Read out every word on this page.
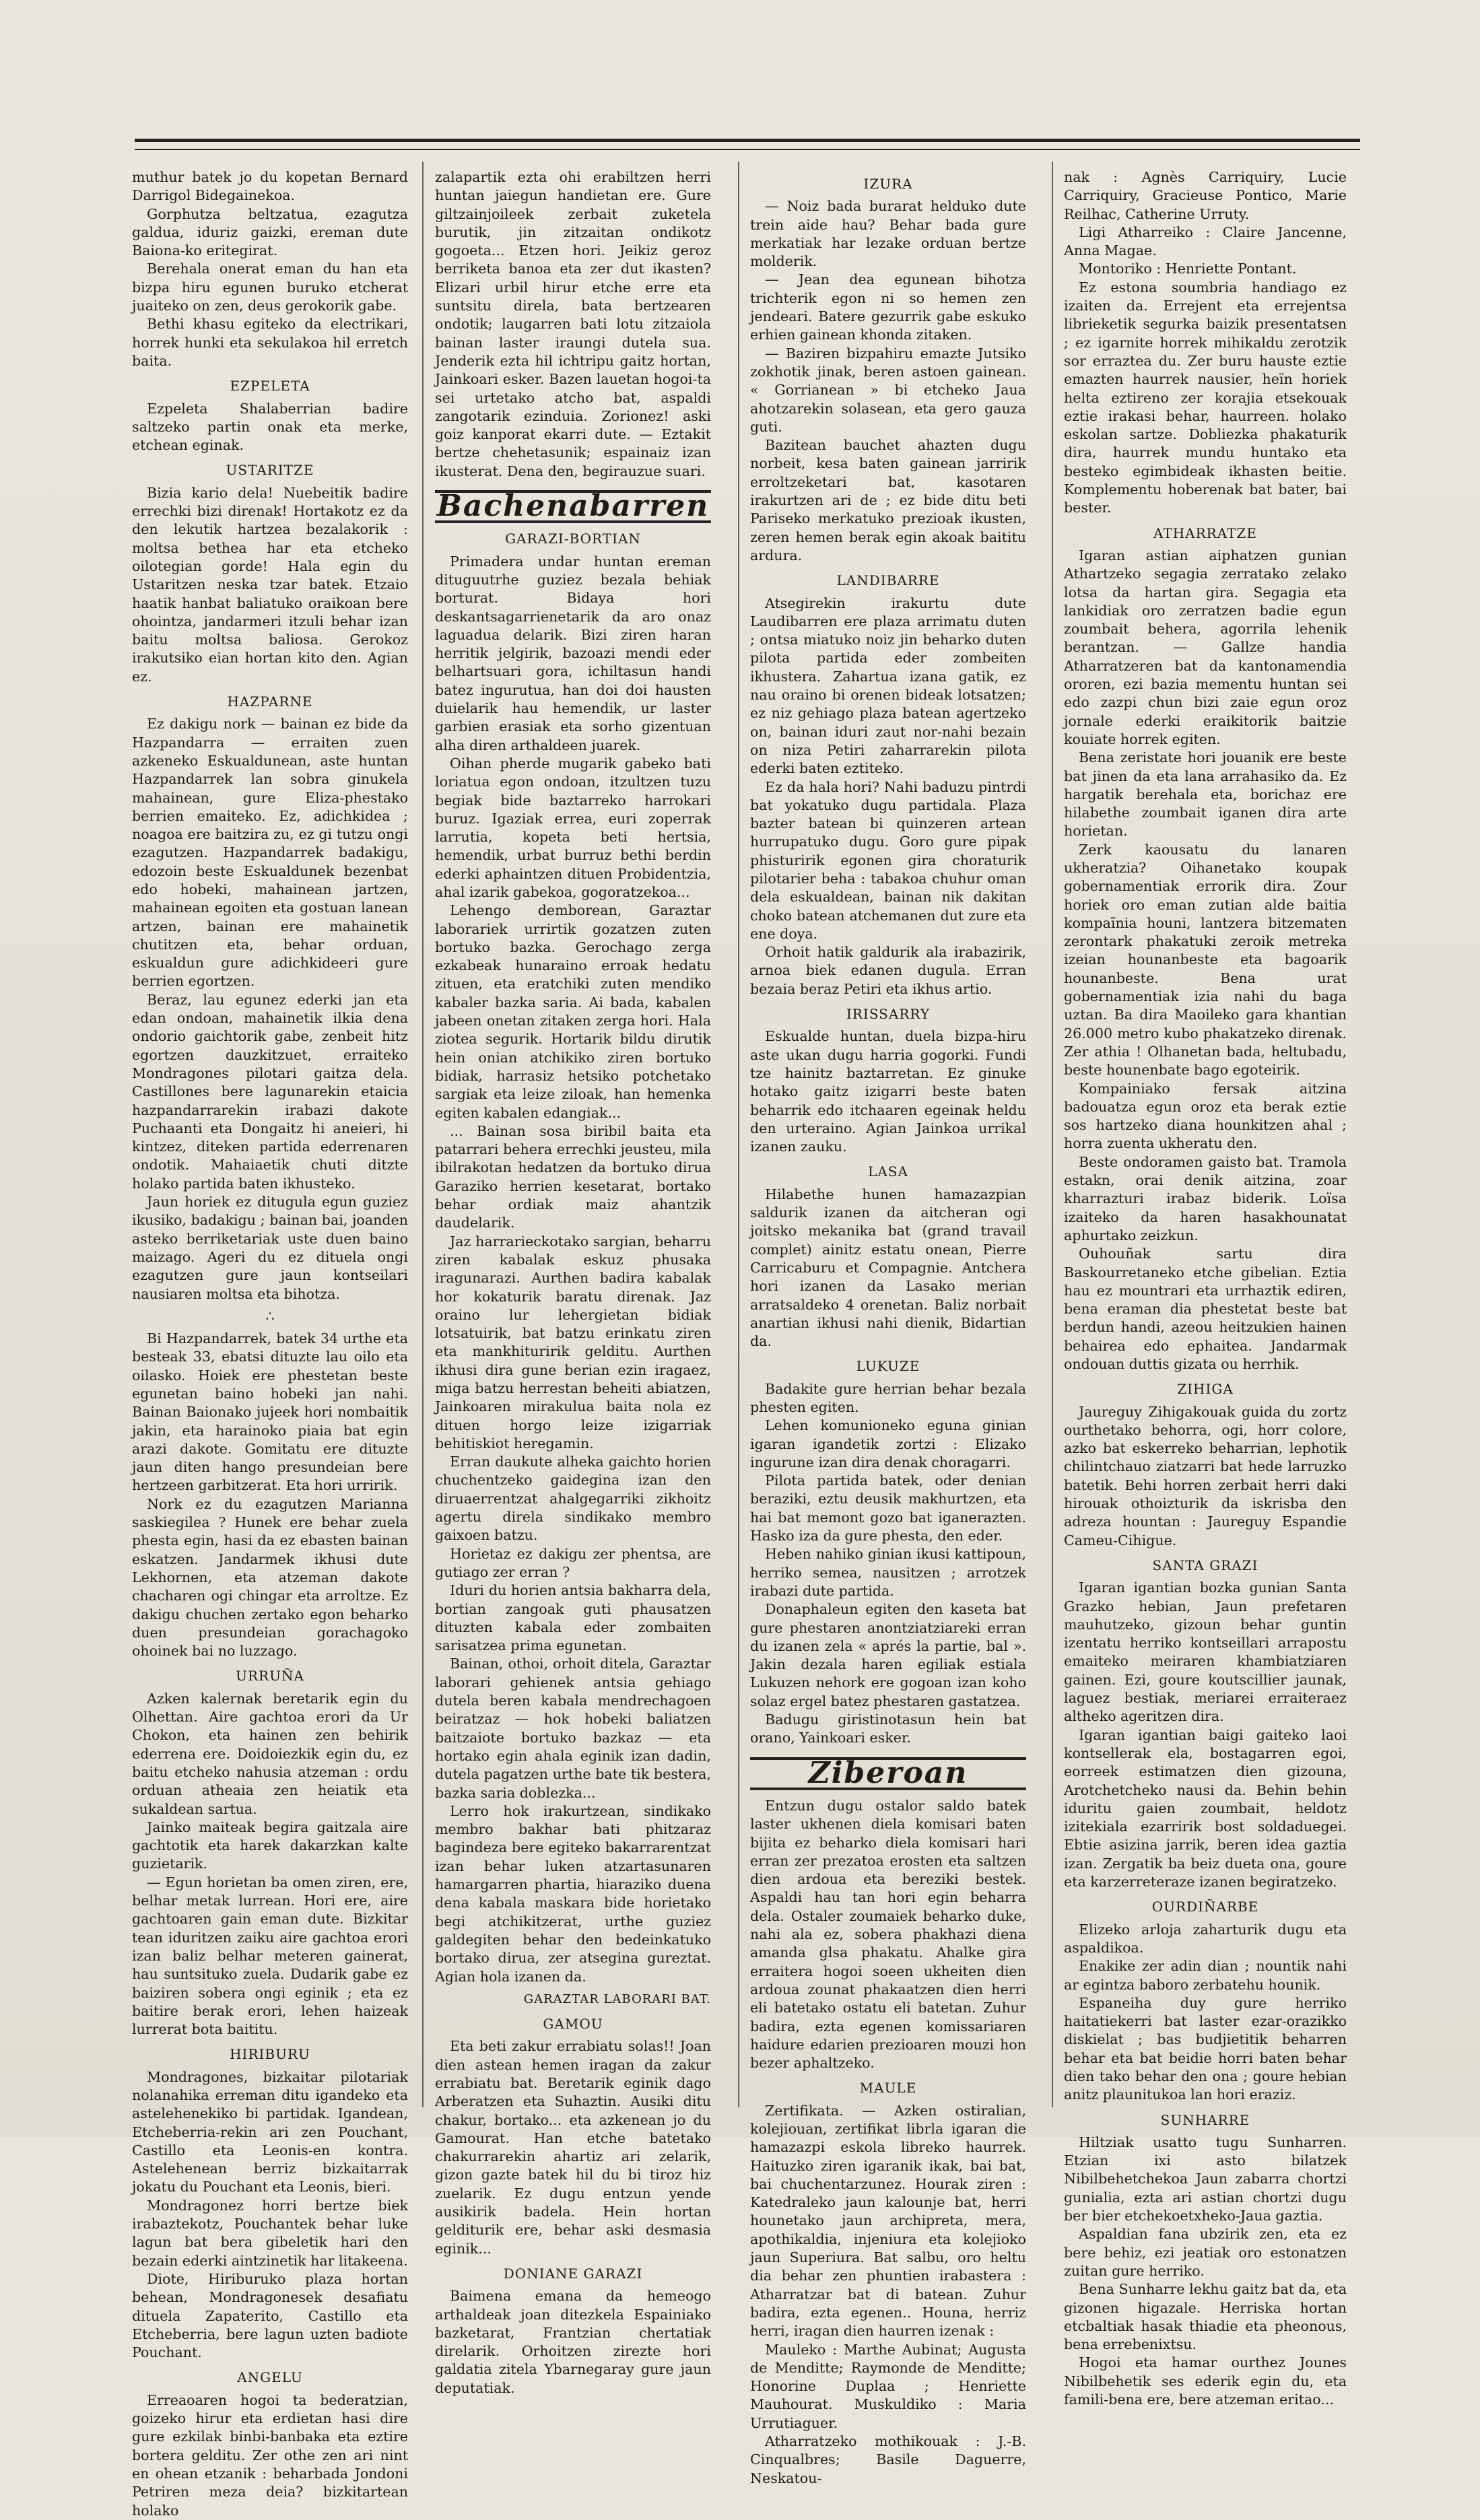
muthur batek jo du kopetan Bernard Darrigol Bidegainekoa.

Gorphutza beltzatua, ezagutza galdua, iduriz gaizki, ereman dute Baiona-ko eritegirat.

Berehala onerat eman du han eta bizpa hiru egunen buruko etcherat juaiteko on zen, deus gerokorik gabe.

Bethi khasu egiteko da electrikari, horrek hunki eta sekulakoa hil erretch baita.

EZPELETA

Ezpeleta Shalaberrian badire saltzeko partin onak eta merke, etchean eginak.

USTARITZE

Bizia kario dela! Nuebeitik badire errechki bizi direnak! Hortakotz ez da den lekutik hartzea bezalakorik : moltsa bethea har eta etcheko oilotegian gorde! Hala egin du Ustaritzen neska tzar batek. Etzaio haatik hanbat baliatuko oraikoan bere ohointza, jandarmeri itzuli behar izan baitu moltsa baliosa. Gerokoz irakutsiko eian hortan kito den. Agian ez.

HAZPARNE

Ez dakigu nork — bainan ez bide da Hazpandarra — erraiten zuen azkeneko Eskualdunean, aste huntan Hazpandarrek lan sobra ginukela mahainean, gure Eliza-phestako berrien emaiteko. Ez, adichkidea ; noagoa ere baitzira zu, ez gi tutzu ongi ezagutzen. Hazpandarrek badakigu, edozoin beste Eskualdunek bezenbat edo hobeki, mahainean jartzen, mahainean egoiten eta gostuan lanean artzen, bainan ere mahainetik chutitzen eta, behar orduan, eskualdun gure adichkideeri gure berrien egortzen.

Beraz, lau egunez ederki jan eta edan ondoan, mahainetik ilkia dena ondorio gaichtorik gabe, zenbeit hitz egortzen dauzkitzuet, erraiteko Mondragones pilotari gaitza dela. Castillones bere lagunarekin etaicia hazpandarrarekin irabazi dakote Puchaanti eta Dongaitz hi aneieri, hi kintzez, diteken partida ederrenaren ondotik. Mahaiaetik chuti ditzte holako partida baten ikhusteko.

Jaun horiek ez ditugula egun guziez ikusiko, badakigu ; bainan bai, joanden asteko berriketariak uste duen baino maizago. Ageri du ez dituela ongi ezagutzen gure jaun kontseilari nausiaren moltsa eta bihotza.

∴

Bi Hazpandarrek, batek 34 urthe eta besteak 33, ebatsi dituzte lau oilo eta oilasko. Hoiek ere phestetan beste egunetan baino hobeki jan nahi. Bainan Baionako jujeek hori nombaitik jakin, eta harainoko piaia bat egin arazi dakote. Gomitatu ere dituzte jaun diten hango presundeian bere hertzeen garbitzerat. Eta hori urririk.

Nork ez du ezagutzen Marianna saskiegilea ? Hunek ere behar zuela phesta egin, hasi da ez ebasten bainan eskatzen. Jandarmek ikhusi dute Lekhornen, eta atzeman dakote chacharen ogi chingar eta arroltze. Ez dakigu chuchen zertako egon beharko duen presundeian gorachagoko ohoinek bai no luzzago.

URRUÑA

Azken kalernak beretarik egin du Olhettan. Aire gachtoa erori da Ur Chokon, eta hainen zen behirik ederrena ere. Doidoiezkik egin du, ez baitu etcheko nahusia atzeman : ordu orduan atheaia zen heiatik eta sukaldean sartua.

Jainko maiteak begira gaitzala aire gachtotik eta harek dakarzkan kalte guzietarik.

— Egun horietan ba omen ziren, ere, belhar metak lurrean. Hori ere, aire gachtoaren gain eman dute. Bizkitar tean iduritzen zaiku aire gachtoa erori izan baliz belhar meteren gainerat, hau suntsituko zuela. Dudarik gabe ez baiziren sobera ongi eginik ; eta ez baitire berak erori, lehen haizeak lurrerat bota baititu.

HIRIBURU

Mondragones, bizkaitar pilotariak nolanahika erreman ditu igandeko eta astelehenekiko bi partidak. Igandean, Etcheberria-rekin ari zen Pouchant, Castillo eta Leonis-en kontra. Astelehenean berriz bizkaitarrak jokatu du Pouchant eta Leonis, bieri.

Mondragonez horri bertze biek irabaztekotz, Pouchantek behar luke lagun bat bera gibeletik hari den bezain ederki aintzinetik har litakeena.

Diote, Hiriburuko plaza hortan behean, Mondragonesek desafiatu dituela Zapaterito, Castillo eta Etcheberria, bere lagun uzten badiote Pouchant.

ANGELU

Erreaoaren hogoi ta bederatzian, goizeko hirur eta erdietan hasi dire gure ezkilak binbi-banbaka eta eztire bortera gelditu. Zer othe zen ari nint en ohean etzanik : beharbada Jondoni Petriren meza deia? bizkitartean holako

zalapartik ezta ohi erabiltzen herri huntan jaiegun handietan ere. Gure giltzainjoileek zerbait zuketela burutik, jin zitzaitan ondikotz gogoeta... Etzen hori. Jeikiz geroz berriketa banoa eta zer dut ikasten? Elizari urbil hirur etche erre eta suntsitu direla, bata bertzearen ondotik; laugarren bati lotu zitzaiola bainan laster iraungi dutela sua. Jenderik ezta hil ichtripu gaitz hortan, Jainkoari esker. Bazen lauetan hogoi-ta sei urtetako atcho bat, aspaldi zangotarik ezinduia. Zorionez! aski goiz kanporat ekarri dute. — Eztakit bertze chehetasunik; espainaiz izan ikusterat. Dena den, begirauzue suari.

Bachenabarren
GARAZI-BORTIAN

Primadera undar huntan ereman dituguutrhe guziez bezala behiak borturat. Bidaya hori deskantsagarrienetarik da aro onaz laguadua delarik. Bizi ziren haran herritik jelgirik, bazoazi mendi eder belhartsuari gora, ichiltasun handi batez ingurutua, han doi doi hausten duielarik hau hemendik, ur laster garbien erasiak eta sorho gizentuan alha diren arthaldeen juarek.

Oihan pherde mugarik gabeko bati loriatua egon ondoan, itzultzen tuzu begiak bide baztarreko harrokari buruz. Igaziak errea, euri zoperrak larrutia, kopeta beti hertsia, hemendik, urbat burruz bethi berdin ederki aphaintzen dituen Probidentzia, ahal izarik gabekoa, gogoratzekoa...

Lehengo demborean, Garaztar laborariek urrirtik gozatzen zuten bortuko bazka. Gerochago zerga ezkabeak hunaraino erroak hedatu zituen, eta eratchiki zuten mendiko kabaler bazka saria. Ai bada, kabalen jabeen onetan zitaken zerga hori. Hala ziotea segurik. Hortarik bildu dirutik hein onian atchikiko ziren bortuko bidiak, harrasiz hetsiko potchetako sargiak eta leize ziloak, han hemenka egiten kabalen edangiak...

... Bainan sosa biribil baita eta patarrari behera errechki jeusteu, mila ibilrakotan hedatzen da bortuko dirua Garaziko herrien kesetarat, bortako behar ordiak maiz ahantzik daudelarik.

Jaz harrarieckotako sargian, beharru ziren kabalak eskuz phusaka iragunarazi. Aurthen badira kabalak hor kokaturik baratu direnak. Jaz oraino lur lehergietan bidiak lotsatuirik, bat batzu erinkatu ziren eta mankhituririk gelditu. Aurthen ikhusi dira gune berian ezin iragaez, miga batzu herrestan beheiti abiatzen, Jainkoaren mirakulua baita nola ez dituen horgo leize izigarriak behitiskiot heregamin.

Erran daukute alheka gaichto horien chuchentzeko gaidegina izan den diruaerrentzat ahalgegarriki zikhoitz agertu direla sindikako membro gaixoen batzu.

Horietaz ez dakigu zer phentsa, are gutiago zer erran ?

Iduri du horien antsia bakharra dela, bortian zangoak guti phausatzen dituzten kabala eder zombaiten sarisatzea prima egunetan.

Bainan, othoi, orhoit ditela, Garaztar laborari gehienek antsia gehiago dutela beren kabala mendrechagoen beiratzaz — hok hobeki baliatzen baitzaiote bortuko bazkaz — eta hortako egin ahala eginik izan dadin, dutela pagatzen urthe bate tik bestera, bazka saria doblezka...

Lerro hok irakurtzean, sindikako membro bakhar bati phitzaraz bagindeza bere egiteko bakarrarentzat izan behar luken atzartasunaren hamargarren phartia, hiaraziko duena dena kabala maskara bide horietako begi atchikitzerat, urthe guziez galdegiten behar den bedeinkatuko bortako dirua, zer atsegina gureztat. Agian hola izanen da.

GARAZTAR LABORARI BAT.
GAMOU

Eta beti zakur errabiatu solas!! Joan dien astean hemen iragan da zakur errabiatu bat. Beretarik eginik dago Arberatzen eta Suhaztin. Ausiki ditu chakur, bortako... eta azkenean jo du Gamourat. Han etche batetako chakurrarekin ahartiz ari zelarik, gizon gazte batek hil du bi tiroz hiz zuelarik. Ez dugu entzun yende ausikirik badela. Hein hortan gelditurik ere, behar aski desmasia eginik...

DONIANE GARAZI

Baimena emana da hemeogo arthaldeak joan ditezkela Espainiako bazketarat, Frantzian chertatiak direlarik. Orhoitzen zirezte hori galdatia zitela Ybarnegaray gure jaun deputatiak.

IZURA

— Noiz bada burarat helduko dute trein aide hau? Behar bada gure merkatiak har lezake orduan bertze molderik.

— Jean dea egunean bihotza trichterik egon ni so hemen zen jendeari. Batere gezurrik gabe eskuko erhien gainean khonda zitaken.

— Baziren bizpahiru emazte Jutsiko zokhotik jinak, beren astoen gainean. « Gorrianean » bi etcheko Jaua ahotzarekin solasean, eta gero gauza guti.

Bazitean bauchet ahazten dugu norbeit, kesa baten gainean jarririk erroltzeketari bat, kasotaren irakurtzen ari de ; ez bide ditu beti Pariseko merkatuko prezioak ikusten, zeren hemen berak egin akoak baititu ardura.

LANDIBARRE

Atsegirekin irakurtu dute Laudibarren ere plaza arrimatu duten ; ontsa miatuko noiz jin beharko duten pilota partida eder zombeiten ikhustera. Zahartua izana gatik, ez nau oraino bi orenen bideak lotsatzen; ez niz gehiago plaza batean agertzeko on, bainan iduri zaut nor-nahi bezain on niza Petiri zaharrarekin pilota ederki baten eztiteko.

Ez da hala hori? Nahi baduzu pintrdi bat yokatuko dugu partidala. Plaza bazter batean bi quinzeren artean hurrupatuko dugu. Goro gure pipak phisturirik egonen gira choraturik pilotarier beha : tabakoa chuhur oman dela eskualdean, bainan nik dakitan choko batean atchemanen dut zure eta ene doya.

Orhoit hatik galdurik ala irabazirik, arnoa biek edanen dugula. Erran bezaia beraz Petiri eta ikhus artio.

IRISSARRY

Eskualde huntan, duela bizpa-hiru aste ukan dugu harria gogorki. Fundi tze hainitz baztarretan. Ez ginuke hotako gaitz izigarri beste baten beharrik edo itchaaren egeinak heldu den urteraino. Agian Jainkoa urrikal izanen zauku.

LASA

Hilabethe hunen hamazazpian saldurik izanen da aitcheran ogi joitsko mekanika bat (grand travail complet) ainitz estatu onean, Pierre Carricaburu et Compagnie. Antchera hori izanen da Lasako merian arratsaldeko 4 orenetan. Baliz norbait anartian ikhusi nahi dienik, Bidartian da.

LUKUZE

Badakite gure herrian behar bezala phesten egiten.

Lehen komunioneko eguna ginian igaran igandetik zortzi : Elizako ingurune izan dira denak choragarri.

Pilota partida batek, oder denian beraziki, eztu deusik makhurtzen, eta hai bat memont gozo bat iganerazten. Hasko iza da gure phesta, den eder.

Heben nahiko ginian ikusi kattipoun, herriko semea, nausitzen ; arrotzek irabazi dute partida.

Donaphaleun egiten den kaseta bat gure phestaren anontziatziareki erran du izanen zela « aprés la partie, bal ». Jakin dezala haren egiliak estiala Lukuzen nehork ere gogoan izan koho solaz ergel batez phestaren gastatzea.

Badugu giristinotasun hein bat orano, Yainkoari esker.

Ziberoan

Entzun dugu ostalor saldo batek laster ukhenen diela komisari baten bijita ez beharko diela komisari hari erran zer prezatoa erosten eta saltzen dien ardoua eta bereziki bestek. Aspaldi hau tan hori egin beharra dela. Ostaler zoumaiek beharko duke, nahi ala ez, sobera phakhazi diena amanda glsa phakatu. Ahalke gira erraitera hogoi soeen ukheiten dien ardoua zounat phakaatzen dien herri eli batetako ostatu eli batetan. Zuhur badira, ezta egenen komissariaren haidure edarien prezioaren mouzi hon bezer aphaltzeko.

MAULE

Zertifikata. — Azken ostiralian, kolejiouan, zertifikat librla igaran die hamazazpi eskola libreko haurrek. Haituzko ziren igaranik ikak, bai bat, bai chuchentarzunez. Hourak ziren : Katedraleko jaun kalounje bat, herri hounetako jaun archipreta, mera, apothikaldia, injeniura eta kolejioko jaun Superiura. Bat salbu, oro heltu dia behar zen phuntien irabastera : Atharratzar bat di batean. Zuhur badira, ezta egenen.. Houna, herriz herri, iragan dien haurren izenak :

Mauleko : Marthe Aubinat; Augusta de Menditte; Raymonde de Menditte; Honorine Duplaa ; Henriette Mauhourat. Muskuldiko : Maria Urrutiaguer.

Atharratzeko mothikouak : J.-B. Cinqualbres; Basile Daguerre, Neskatou-

nak : Agnès Carriquiry, Lucie Carriquiry, Gracieuse Pontico, Marie Reilhac, Catherine Urruty.

Ligi Atharreiko : Claire Jancenne, Anna Magae.

Montoriko : Henriette Pontant.

Ez estona soumbria handiago ez izaiten da. Errejent eta errejentsa librieketik segurka baizik presentatsen ; ez igarnite horrek mihikaldu zerotzik sor erraztea du. Zer buru hauste eztie emazten haurrek nausier, heïn horiek helta eztireno zer korajia etsekouak eztie irakasi behar, haurreen. holako eskolan sartze. Dobliezka phakaturik dira, haurrek mundu huntako eta besteko egimbideak ikhasten beitie. Komplementu hoberenak bat bater, bai bester.

ATHARRATZE

Igaran astian aiphatzen gunian Athartzeko segagia zerratako zelako lotsa da hartan gira. Segagia eta lankidiak oro zerratzen badie egun zoumbait behera, agorrila lehenik berantzan. — Gallze handia Atharratzeren bat da kantonamendia ororen, ezi bazia mementu huntan sei edo zazpi chun bizi zaie egun oroz jornale ederki eraikitorik baitzie kouiate horrek egiten.

Bena zeristate hori jouanik ere beste bat jinen da eta lana arrahasiko da. Ez hargatik berehala eta, borichaz ere hilabethe zoumbait iganen dira arte horietan.

Zerk kaousatu du lanaren ukheratzia? Oihanetako koupak gobernamentiak errorik dira. Zour horiek oro eman zutian alde baitia kompaĩnia houni, lantzera bitzematen zerontark phakatuki zeroik metreka izeian hounanbeste eta bagoarik hounanbeste. Bena urat gobernamentiak izia nahi du baga uztan. Ba dira Maoileko gara khantian 26.000 metro kubo phakatzeko direnak. Zer athia ! Olhanetan bada, heltubadu, beste hounenbate bago egoteirik.

Kompainiako fersak aitzina badouatza egun oroz eta berak eztie sos hartzeko diana hounkitzen ahal ; horra zuenta ukheratu den.

Beste ondoramen gaisto bat. Tramola estakn, orai denik aitzina, zoar kharrazturi irabaz biderik. Loïsa izaiteko da haren hasakhounatat aphurtako zeizkun.

Ouhouñak sartu dira Baskourretaneko etche gibelian. Eztia hau ez mountrari eta urrhaztik ediren, bena eraman dia phestetat beste bat berdun handi, azeou heitzukien hainen behairea edo ephaitea. Jandarmak ondouan duttis gizata ou herrhik.

ZIHIGA

Jaureguy Zihigakouak guida du zortz ourthetako behorra, ogi, horr colore, azko bat eskerreko beharrian, lephotik chilintchauo ziatzarri bat hede larruzko batetik. Behi horren zerbait herri daki hirouak othoizturik da iskrisba den adreza hountan : Jaureguy Espandie Cameu-Cihigue.

SANTA GRAZI

Igaran igantian bozka gunian Santa Grazko hebian, Jaun prefetaren mauhutzeko, gizoun behar guntin izentatu herriko kontseillari arrapostu emaiteko meiraren khambiatziaren gainen. Ezi, goure koutscillier jaunak, laguez bestiak, meriarei erraiteraez altheko ageritzen dira.

Igaran igantian baigi gaiteko laoi kontsellerak ela, bostagarren egoi, eorreek estimatzen dien gizouna, Arotchetcheko nausi da. Behin behin iduritu gaien zoumbait, heldotz izitekiala ezarririk bost soldaduegei. Ebtie asizina jarrik, beren idea gaztia izan. Zergatik ba beiz dueta ona, goure eta karzerreteraze izanen begiratzeko.

OURDIÑARBE

Elizeko arloja zaharturik dugu eta aspaldikoa.

Enakike zer adin dian ; nountik nahi ar egintza baboro zerbatehu hounik.

Espaneiha duy gure herriko haitatiekerri bat laster ezar-orazikko diskielat ; bas budjietitik beharren behar eta bat beidie horri baten behar dien tako behar den ona ; goure hebian anitz plaunitukoa lan hori eraziz.

SUNHARRE

Hiltziak usatto tugu Sunharren. Etzian ixi asto bilatzek Nibilbehetchekoa Jaun zabarra chortzi gunialia, ezta ari astian chortzi dugu ber bier etchekoetxheko-Jaua gaztia.

Aspaldian fana ubzirik zen, eta ez bere behiz, ezi jeatiak oro estonatzen zuitan gure herriko.

Bena Sunharre lekhu gaitz bat da, eta gizonen higazale. Herriska hortan etcbaltiak hasak thiadie eta pheonous, bena errebenixtsu.

Hogoi eta hamar ourthez Jounes Nibilbehetik ses ederik egin du, eta famili-bena ere, bere atzeman eritao...
